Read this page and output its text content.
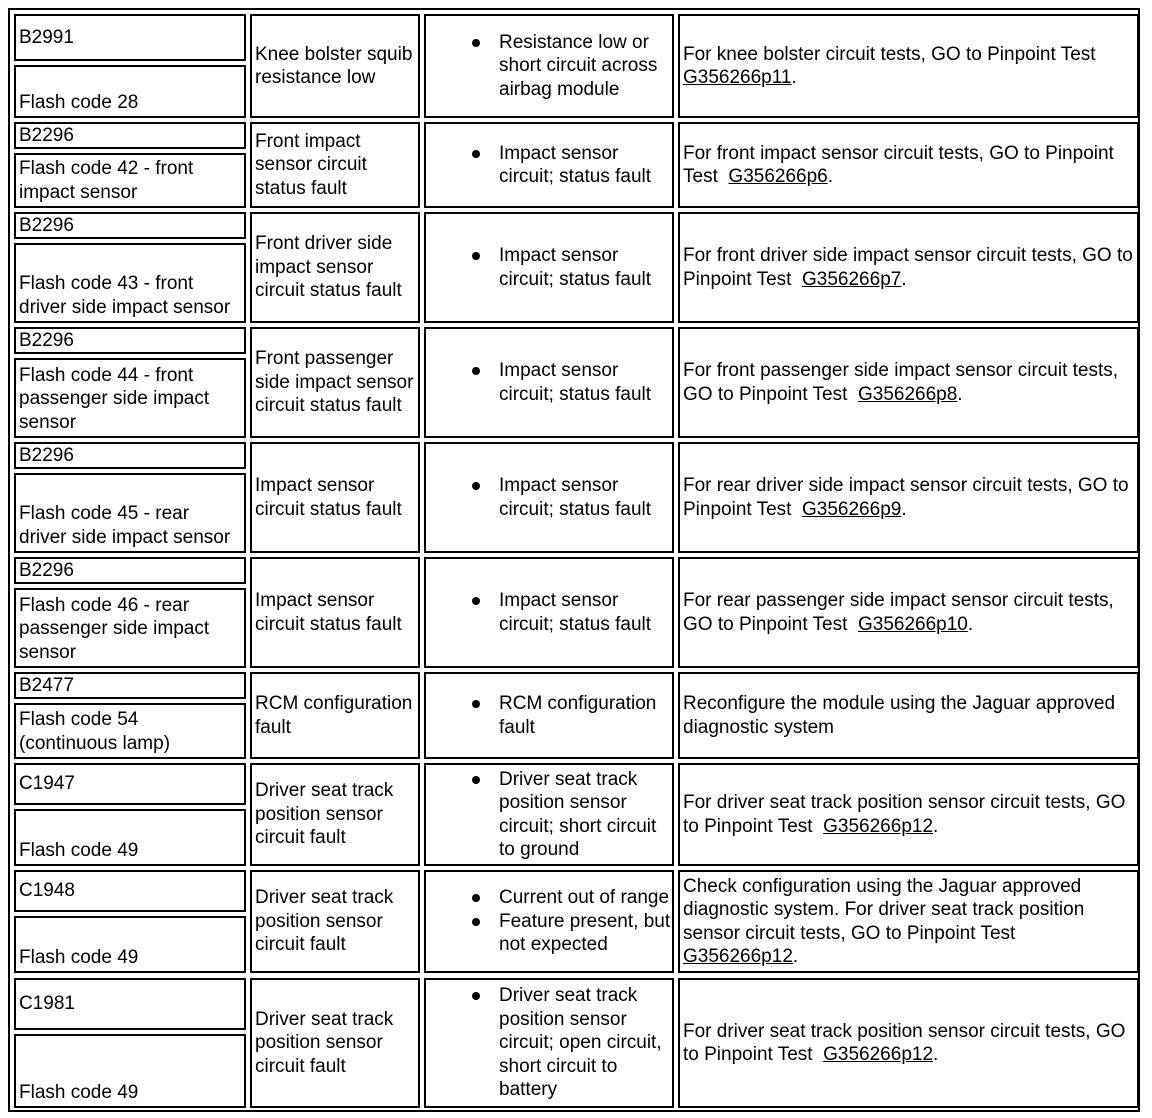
B2991
Flash code 28
Knee bolster squib resistance low
Resistance low or short circuit across airbag module
For knee bolster circuit tests, GO to Pinpoint Test  G356266p11.
B2296
Flash code 42 - front impact sensor
Front impact sensor circuit status fault
Impact sensor circuit; status fault
For front impact sensor circuit tests, GO to Pinpoint Test G356266p6.
B2296
Flash code 43 - front driver side impact sensor
Front driver side impact sensor circuit status fault
Impact sensor circuit; status fault
For front driver side impact sensor circuit tests, GO to Pinpoint Test G356266p7.
B2296
Flash code 44 - front passenger side impact sensor
Front passenger side impact sensor circuit status fault
Impact sensor circuit; status fault
For front passenger side impact sensor circuit tests, GO to Pinpoint Test G356266p8.
B2296
Flash code 45 - rear driver side impact sensor
Impact sensor circuit status fault
Impact sensor circuit; status fault
For rear driver side impact sensor circuit tests, GO to Pinpoint Test G356266p9.
B2296
Flash code 46 - rear passenger side impact sensor
Impact sensor circuit status fault
Impact sensor circuit; status fault
For rear passenger side impact sensor circuit tests, GO to Pinpoint Test G356266p10.
B2477
Flash code 54 (continuous lamp)
RCM configuration fault
RCM configuration fault
Reconfigure the module using the Jaguar approved diagnostic system
C1947
Flash code 49
Driver seat track position sensor circuit fault
Driver seat track position sensor circuit; short circuit to ground
For driver seat track position sensor circuit tests, GO to Pinpoint Test G356266p12.
C1948
Flash code 49
Driver seat track position sensor circuit fault
Current out of range
Feature present, but not expected
Check configuration using the Jaguar approved diagnostic system. For driver seat track position sensor circuit tests, GO to Pinpoint Test  G356266p12.
C1981
Flash code 49
Driver seat track position sensor circuit fault
Driver seat track position sensor circuit; open circuit, short circuit to battery
For driver seat track position sensor circuit tests, GO to Pinpoint Test G356266p12.
